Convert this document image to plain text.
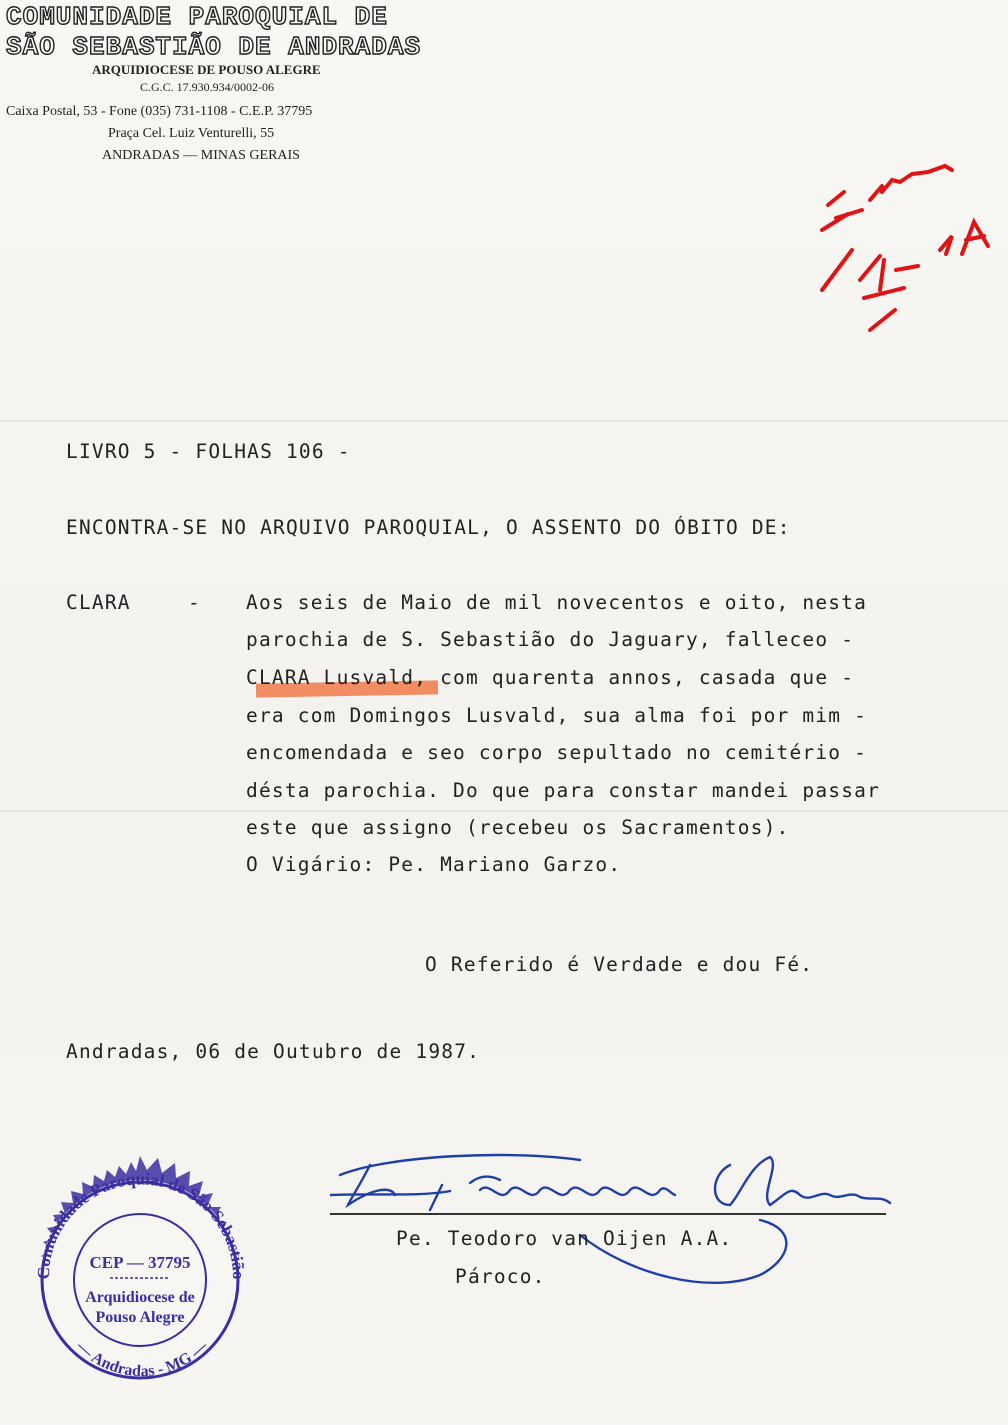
COMUNIDADE PAROQUIAL DE
SÃO SEBASTIÃO DE ANDRADAS
ARQUIDIOCESE DE POUSO ALEGRE
C.G.C. 17.930.934/0002-06
Caixa Postal, 53 - Fone (035) 731-1108 - C.E.P. 37795
Praça Cel. Luiz Venturelli, 55
ANDRADAS — MINAS GERAIS
LIVRO 5 - FOLHAS 106 -
ENCONTRA-SE NO ARQUIVO PAROQUIAL, O ASSENTO DO ÓBITO DE:
CLARA	- Aos seis de Maio de mil novecentos e oito, nesta
parochia de S. Sebastião do Jaguary, falleceo -
CLARA Lusvald, com quarenta annos, casada que -
era com Domingos Lusvald, sua alma foi por mim -
encomendada e seo corpo sepultado no cemitério -
désta parochia. Do que para constar mandei passar
este que assigno (recebeu os Sacramentos).
O Vigário: Pe. Mariano Garzo.
O Referido é Verdade e dou Fé.
Andradas, 06 de Outubro de 1987.
Pe. Teodoro van Oijen A.A.
Pároco.
Comunidade Paroquial de São Sebastião
— Andradas - MG —
CEP — 37795
Arquidiocese de
Pouso Alegre
